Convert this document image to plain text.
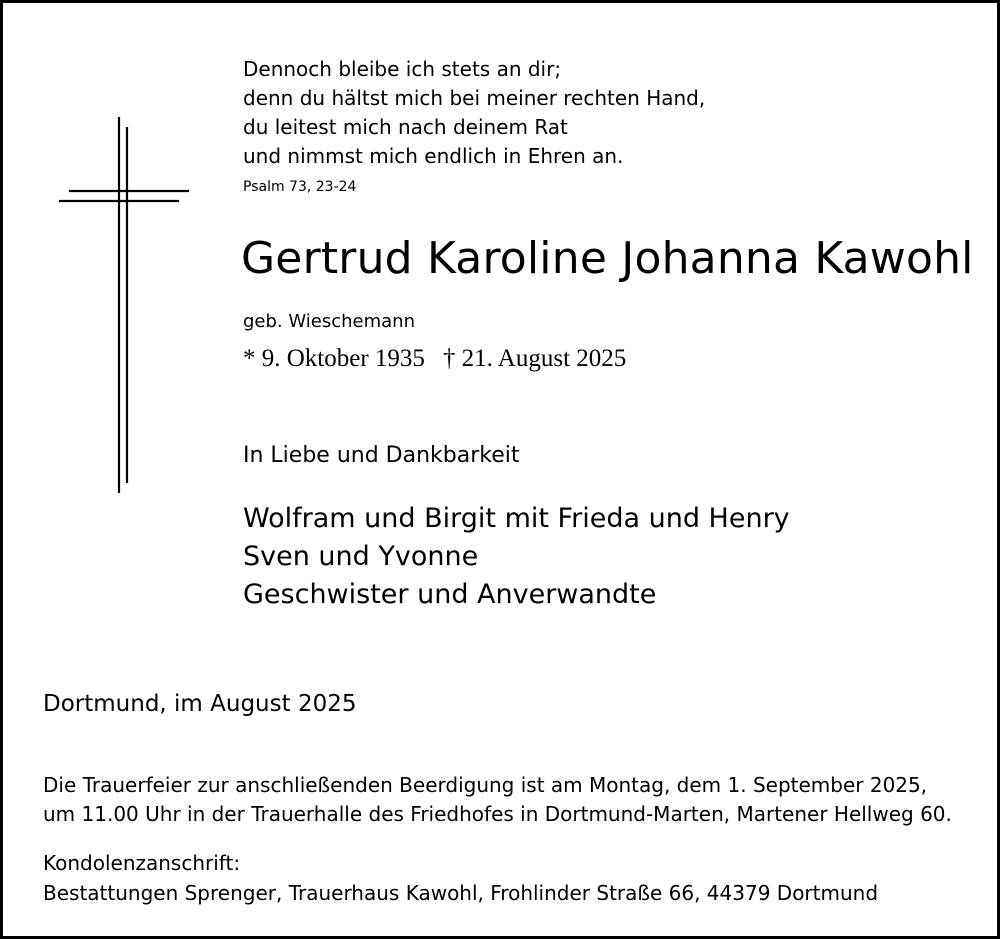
Dennoch bleibe ich stets an dir;
denn du hältst mich bei meiner rechten Hand,
du leitest mich nach deinem Rat
und nimmst mich endlich in Ehren an.
Psalm 73, 23-24
Gertrud Karoline Johanna Kawohl
geb. Wieschemann
* 9. Oktober 1935 † 21. August 2025
In Liebe und Dankbarkeit
Wolfram und Birgit mit Frieda und Henry
Sven und Yvonne
Geschwister und Anverwandte
Dortmund, im August 2025
Die Trauerfeier zur anschließenden Beerdigung ist am Montag, dem 1. September 2025,
um 11.00 Uhr in der Trauerhalle des Friedhofes in Dortmund-Marten, Martener Hellweg 60.
Kondolenzanschrift:
Bestattungen Sprenger, Trauerhaus Kawohl, Frohlinder Straße 66, 44379 Dortmund
